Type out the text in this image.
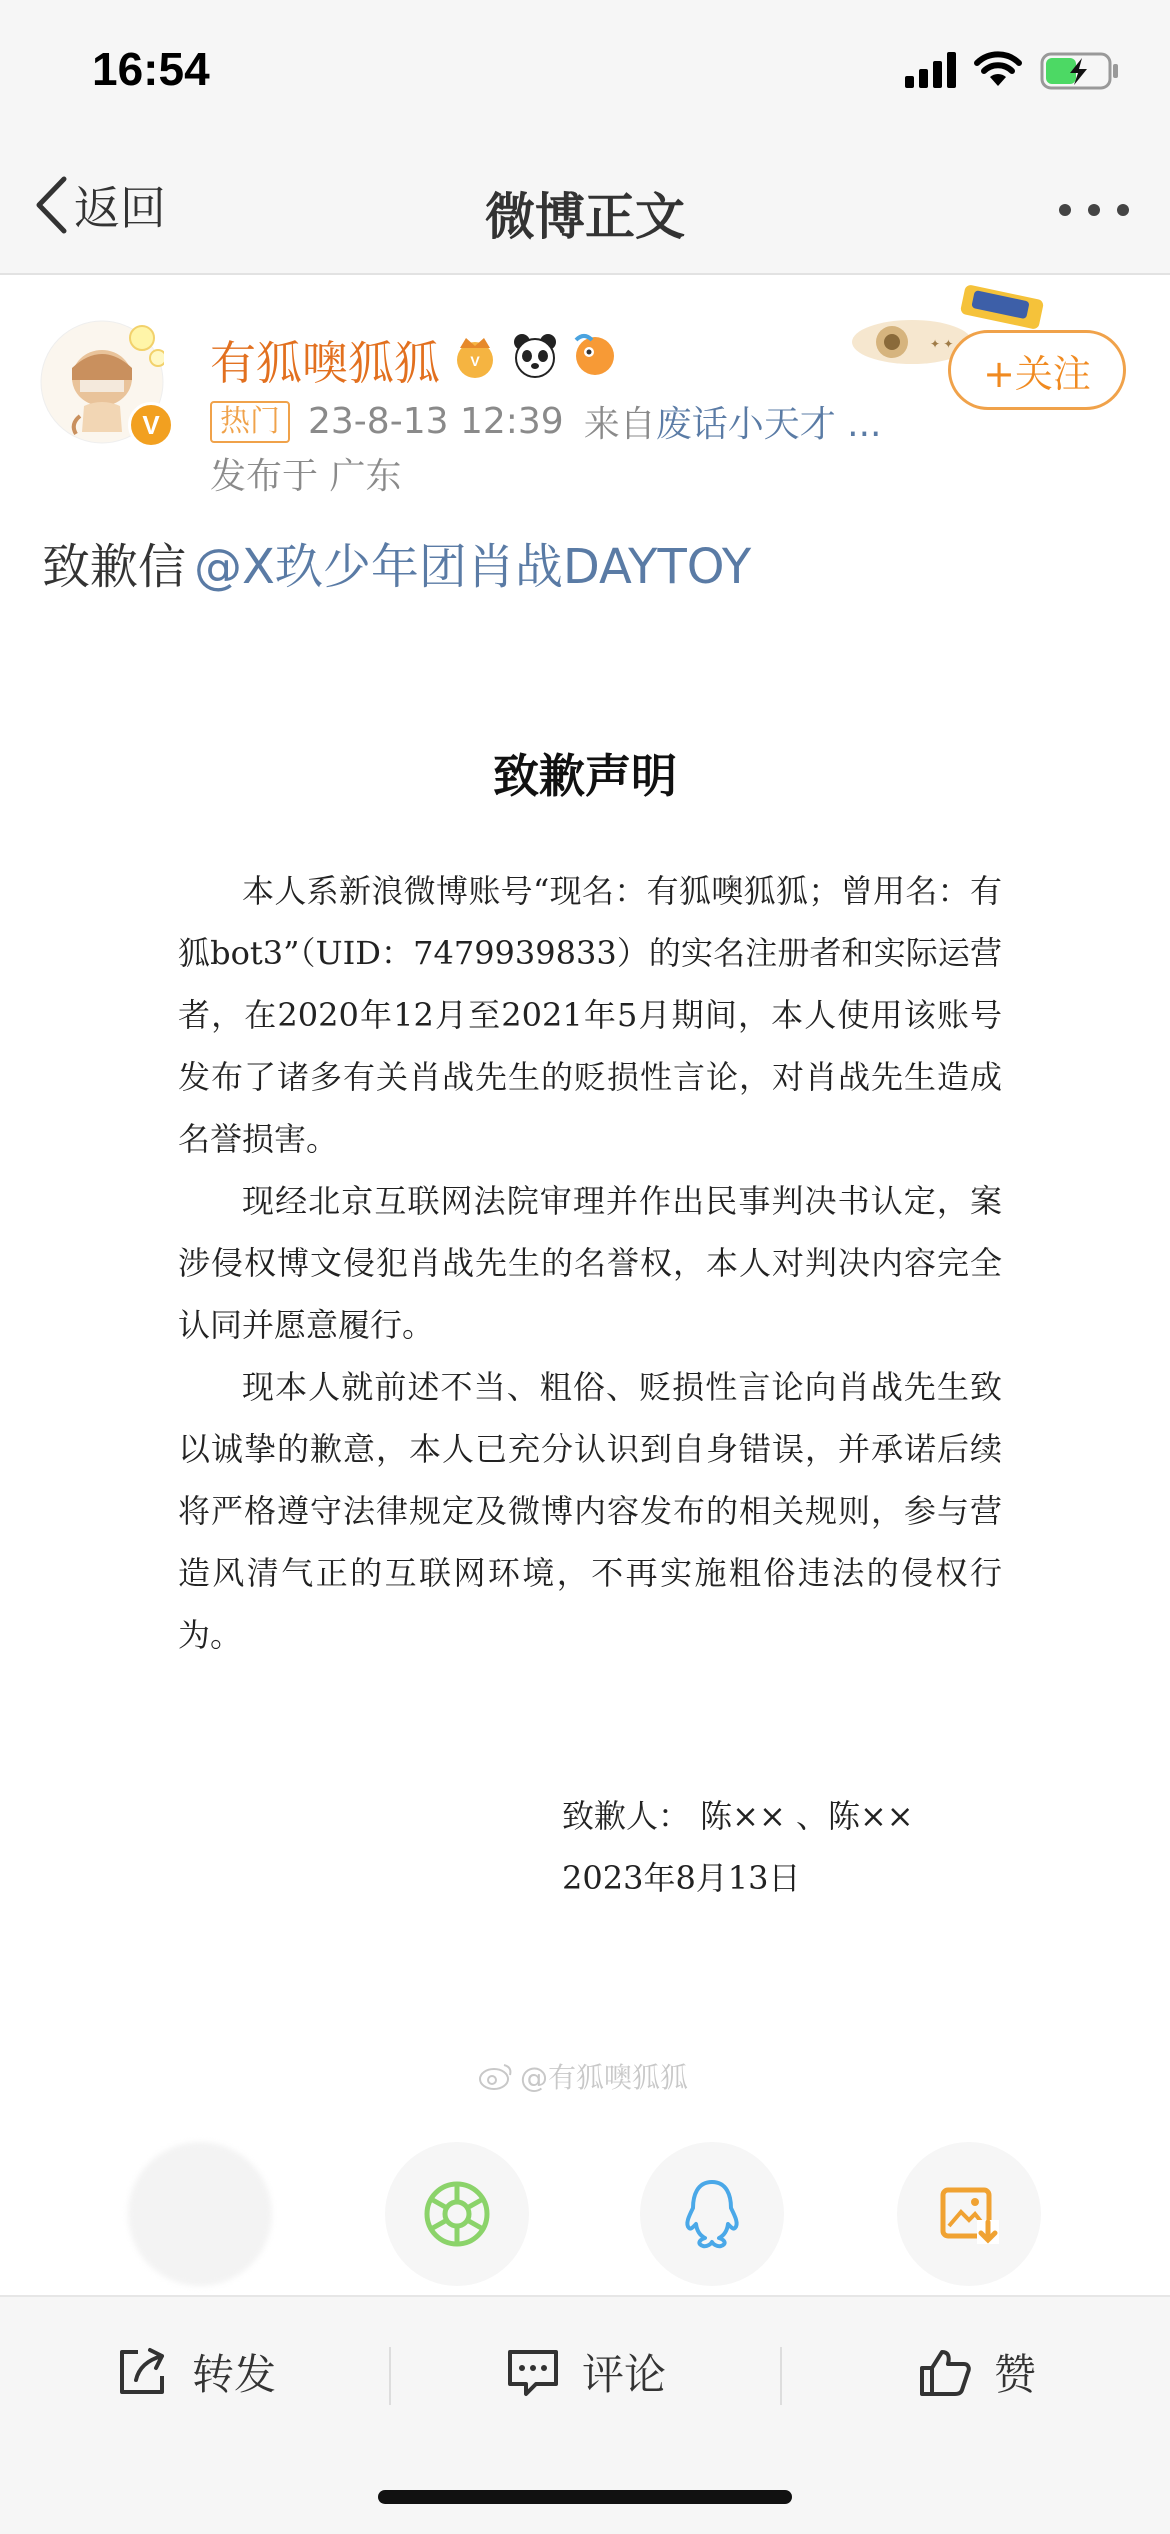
16:54
返回	微博正文
V
有狐噢狐狐 V
热门 23-8-13 12:39 来自 废话小天才 ...
发布于 广东
✦ ✦
+关注
致歉信 @X玖少年团肖战DAYTOY
致歉声明

本人系新浪微博账号“现名：有狐噢狐狐；曾用名：有狐bot3”（UID：7479939833）的实名注册者和实际运营者，在2020年12月至2021年5月期间，本人使用该账号发布了诸多有关肖战先生的贬损性言论，对肖战先生造成名誉损害。

现经北京互联网法院审理并作出民事判决书认定，案涉侵权博文侵犯肖战先生的名誉权，本人对判决内容完全认同并愿意履行。

现本人就前述不当、粗俗、贬损性言论向肖战先生致以诚挚的歉意，本人已充分认识到自身错误，并承诺后续将严格遵守法律规定及微博内容发布的相关规则，参与营造风清气正的互联网环境，不再实施粗俗违法的侵权行为。

致歉人： 陈×× 、陈××
2023年8月13日
@有狐噢狐狐
转发	评论	赞
